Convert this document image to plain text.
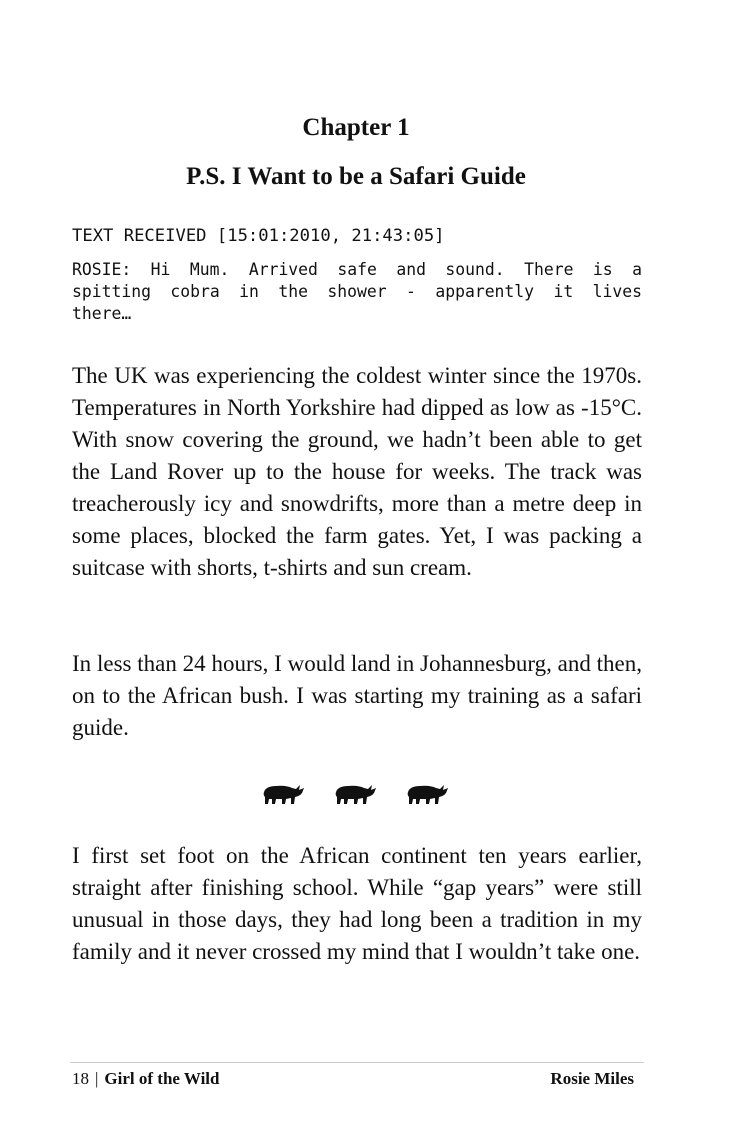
Chapter 1
P.S. I Want to be a Safari Guide

TEXT RECEIVED [15:01:2010, 21:43:05]

ROSIE: Hi Mum. Arrived safe and sound. There is a spitting cobra in the shower - apparently it lives there…

The UK was experiencing the coldest winter since the 1970s. Temperatures in North Yorkshire had dipped as low as -15°C. With snow covering the ground, we hadn’t been able to get the Land Rover up to the house for weeks. The track was treacherously icy and snowdrifts, more than a metre deep in some places, blocked the farm gates. Yet, I was packing a suitcase with shorts, t-shirts and sun cream.

In less than 24 hours, I would land in Johannesburg, and then, on to the African bush. I was starting my training as a safari guide.

I first set foot on the African continent ten years earlier, straight after finishing school. While “gap years” were still unusual in those days, they had long been a tradition in my family and it never crossed my mind that I wouldn’t take one.

18 | Girl of the Wild	Rosie Miles
